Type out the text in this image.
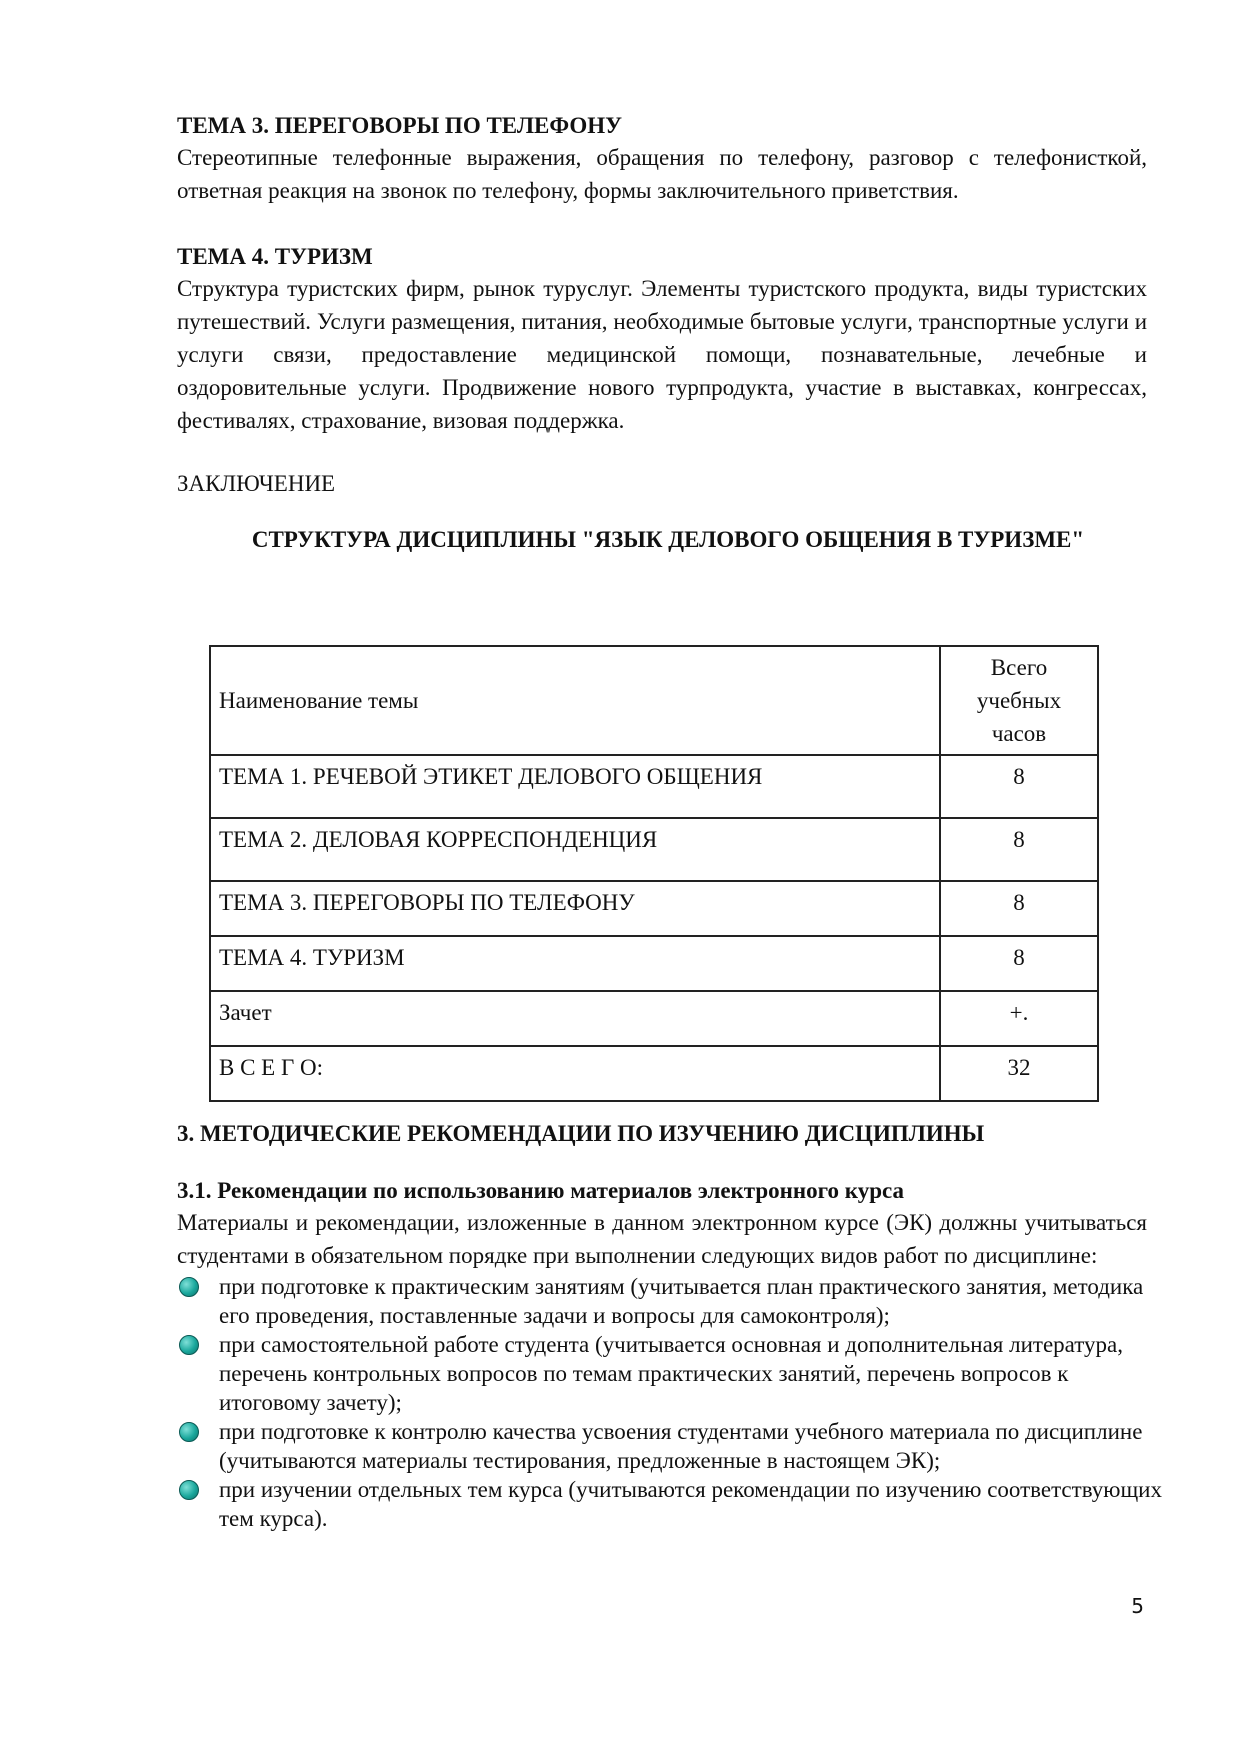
ТЕМА 3. ПЕРЕГОВОРЫ ПО ТЕЛЕФОНУ

Стереотипные телефонные выражения, обращения по телефону, разговор с телефонисткой, ответная реакция на звонок по телефону, формы заключительного приветствия.

ТЕМА 4. ТУРИЗМ

Структура туристских фирм, рынок туруслуг. Элементы туристского продукта, виды туристских путешествий. Услуги размещения, питания, необходимые бытовые услуги, транспортные услуги и услуги связи, предоставление медицинской помощи, познавательные, лечебные и оздоровительные услуги. Продвижение нового турпродукта, участие в выставках, конгрессах, фестивалях, страхование, визовая поддержка.

ЗАКЛЮЧЕНИЕ

СТРУКТУРА ДИСЦИПЛИНЫ "ЯЗЫК ДЕЛОВОГО ОБЩЕНИЯ В ТУРИЗМЕ"

Наименование темы	Всего
учебных
часов

ТЕМА 1. РЕЧЕВОЙ ЭТИКЕТ ДЕЛОВОГО ОБЩЕНИЯ	8
ТЕМА 2. ДЕЛОВАЯ КОРРЕСПОНДЕНЦИЯ	8
ТЕМА 3. ПЕРЕГОВОРЫ ПО ТЕЛЕФОНУ	8
ТЕМА 4. ТУРИЗМ	8
Зачет	+.
В С Е Г О:	32

3. МЕТОДИЧЕСКИЕ РЕКОМЕНДАЦИИ ПО ИЗУЧЕНИЮ ДИСЦИПЛИНЫ

3.1. Рекомендации по использованию материалов электронного курса

Материалы и рекомендации, изложенные в данном электронном курсе (ЭК) должны учитываться студентами в обязательном порядке при выполнении следующих видов работ по дисциплине:

при подготовке к практическим занятиям (учитывается план практического занятия, методика его проведения, поставленные задачи и вопросы для самоконтроля);
при самостоятельной работе студента (учитывается основная и дополнительная литература, перечень контрольных вопросов по темам практических занятий, перечень вопросов к итоговому зачету);
при подготовке к контролю качества усвоения студентами учебного материала по дисциплине (учитываются материалы тестирования, предложенные в настоящем ЭК);
при изучении отдельных тем курса (учитываются рекомендации по изучению соответствующих тем курса).
5
